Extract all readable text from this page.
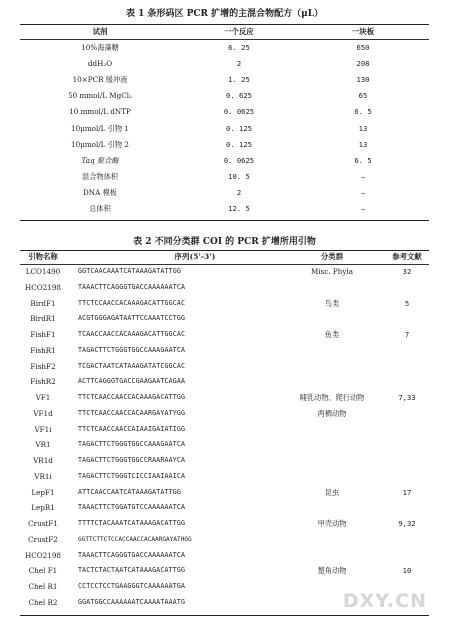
表 1 条形码区 PCR 扩增的主混合物配方（μL）
试剂	一个反应	一块板
10%海藻糖	6. 25	650
ddH₂O	2	208
10×PCR 缓冲液	1. 25	130
50 mmol/L MgCl₂	0. 625	65
10 mmol/L dNTP	0. 0625	6. 5
10μmol/L 引物 1	0. 125	13
10μmol/L 引物 2	0. 125	13
Taq 聚合酶	0. 0625	6. 5
混合物体积	10. 5	—
DNA 模板	2	—
总体积	12. 5	—
表 2 不同分类群 COI 的 PCR 扩增所用引物
引物名称	序列(5'-3')	分类群	参考文献
LCO1490	GGTCAACAAATCATAAAGATATTGG	Misc. Phyla	32
HCO2198	TAAACTTCAGGGTGACCAAAAAATCA
BirdF1	TTCTCCAACCACAAAGACATTGGCAC	鸟类	5
BirdR1	ACGTGGGAGATAATTCCAAATCCTGG
FishF1	TCAACCAACCACAAAGACATTGGCAC	鱼类	7
FishR1	TAGACTTCTGGGTGGCCAAAGAATCA
FishF2	TCGACTAATCATAAAGATATCGGCAC
FishR2	ACTTCAGGGTGACCGAAGAATCAGAA
VF1	TTCTCAACCAACCACAAAGACATTGG	哺乳动物、爬行动物	7,33
VF1d	TTCTCAACCAACCACAARGAYATYGG	两栖动物
VF1i	TTCTCAACCAACCAIAAIGAIATIGG
VR1	TAGACTTCTGGGTGGCCAAAGAATCA
VR1d	TAGACTTCTGGGTGGCCRAARAAYCA
VR1i	TAGACTTCTGGGTCICCIAAIAAICA
LepF1	ATTCAACCAATCATAAAGATATTGG	昆虫	17
LepR1	TAAACTTCTGGATGTCCAAAAAATCA
CrustF1	TTTTCTACAAATCATAAAGACATTGG	甲壳动物	9,32
CrustF2	GGTTCTTCTCCACCAACCACAARGAYATHGG
HCO2198	TAAACTTCAGGGTGACCAAAAAATCA
Chel F1	TACTCTACTAATCATAAAGACATTGG	螯角动物	10
Chel R1	CCTCCTCCTGAAGGGTCAAAAAATGA
Chel R2	GGATGGCCAAAAAATCAAAATAAATG	DXY.CN
